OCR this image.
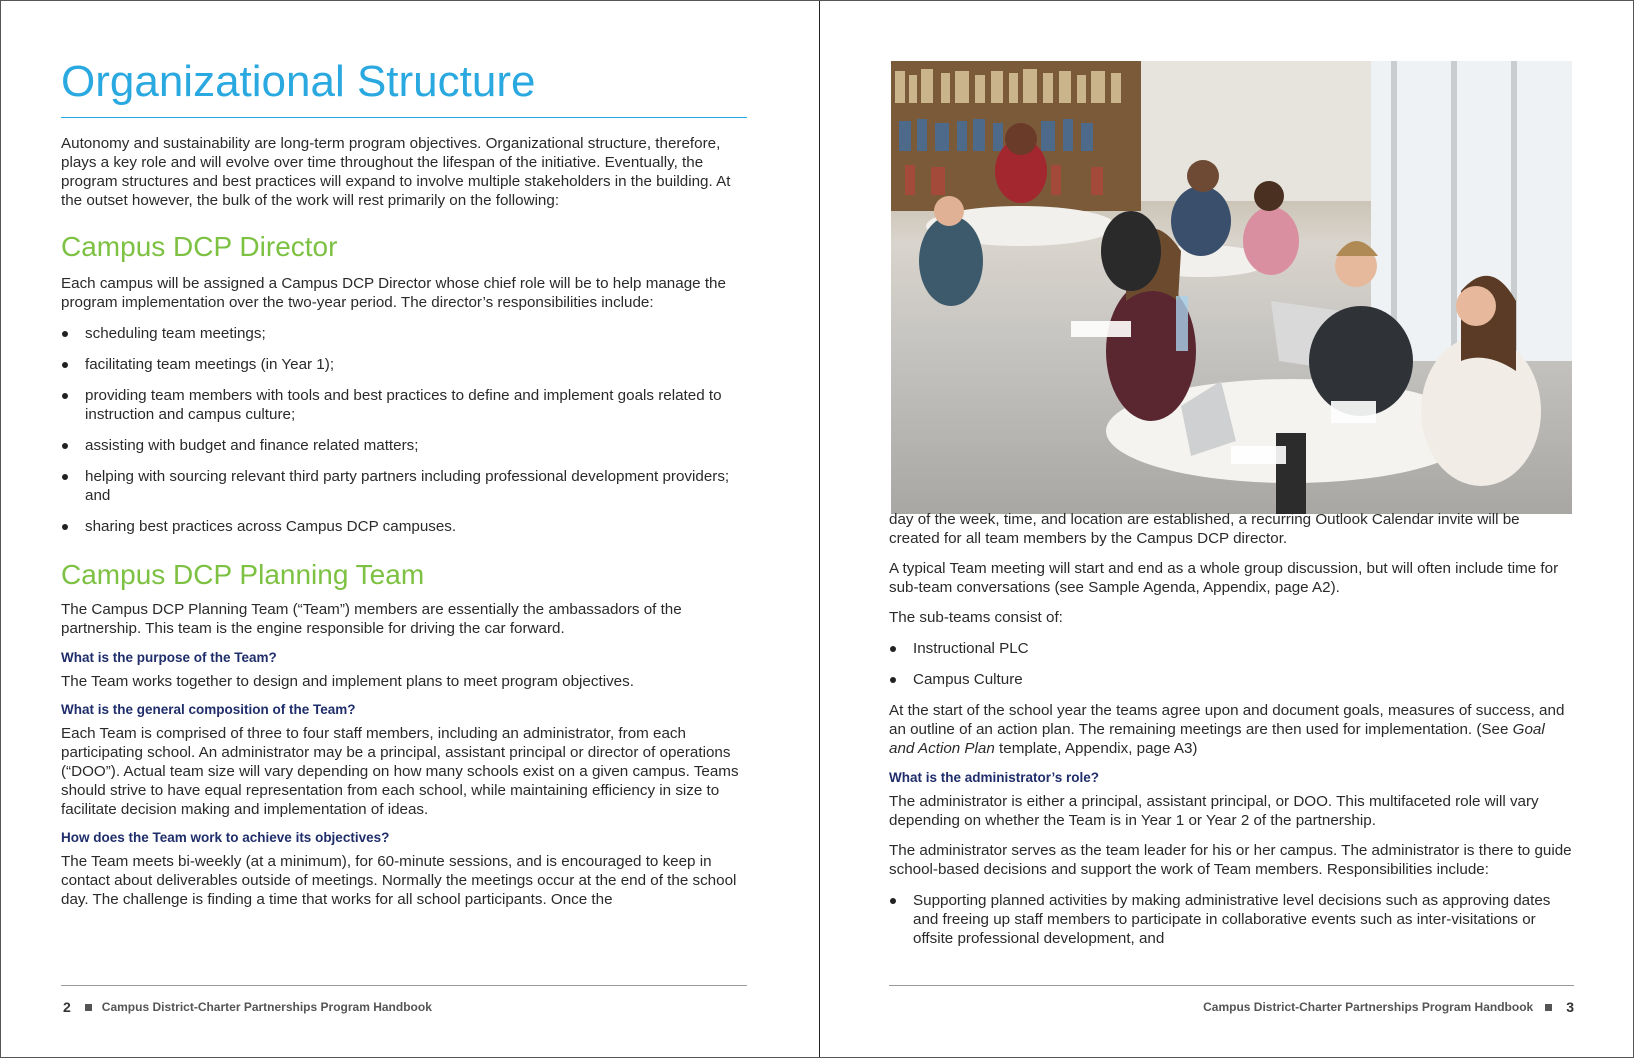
Organizational Structure

Autonomy and sustainability are long-term program objectives. Organizational structure, therefore, plays a key role and will evolve over time throughout the lifespan of the initiative. Eventually, the program structures and best practices will expand to involve multiple stakeholders in the building. At the outset however, the bulk of the work will rest primarily on the following:

Campus DCP Director

Each campus will be assigned a Campus DCP Director whose chief role will be to help manage the program implementation over the two-year period. The director’s responsibilities include:

scheduling team meetings;
facilitating team meetings (in Year 1);
providing team members with tools and best practices to define and implement goals related to instruction and campus culture;
assisting with budget and finance related matters;
helping with sourcing relevant third party partners including professional development providers; and
sharing best practices across Campus DCP campuses.
Campus DCP Planning Team

The Campus DCP Planning Team (“Team”) members are essentially the ambassadors of the partnership. This team is the engine responsible for driving the car forward.

What is the purpose of the Team?

The Team works together to design and implement plans to meet program objectives.

What is the general composition of the Team?

Each Team is comprised of three to four staff members, including an administrator, from each participating school. An administrator may be a principal, assistant principal or director of operations (“DOO”). Actual team size will vary depending on how many schools exist on a given campus. Teams should strive to have equal representation from each school, while maintaining efficiency in size to facilitate decision making and implementation of ideas.

How does the Team work to achieve its objectives?

The Team meets bi-weekly (at a minimum), for 60-minute sessions, and is encouraged to keep in contact about deliverables outside of meetings. Normally the meetings occur at the end of the school day. The challenge is finding a time that works for all school participants. Once the

2	Campus District-Charter Partnerships Program Handbook

day of the week, time, and location are established, a recurring Outlook Calendar invite will be created for all team members by the Campus DCP director.

A typical Team meeting will start and end as a whole group discussion, but will often include time for sub-team conversations (see Sample Agenda, Appendix, page A2).

The sub-teams consist of:

Instructional PLC
Campus Culture

At the start of the school year the teams agree upon and document goals, measures of success, and an outline of an action plan. The remaining meetings are then used for implementation. (See Goal and Action Plan template, Appendix, page A3)

What is the administrator’s role?

The administrator is either a principal, assistant principal, or DOO. This multifaceted role will vary depending on whether the Team is in Year 1 or Year 2 of the partnership.

The administrator serves as the team leader for his or her campus. The administrator is there to guide school-based decisions and support the work of Team members. Responsibilities include:

Supporting planned activities by making administrative level decisions such as approving dates and freeing up staff members to participate in collaborative events such as inter-visitations or offsite professional development, and
Campus District-Charter Partnerships Program Handbook 3
